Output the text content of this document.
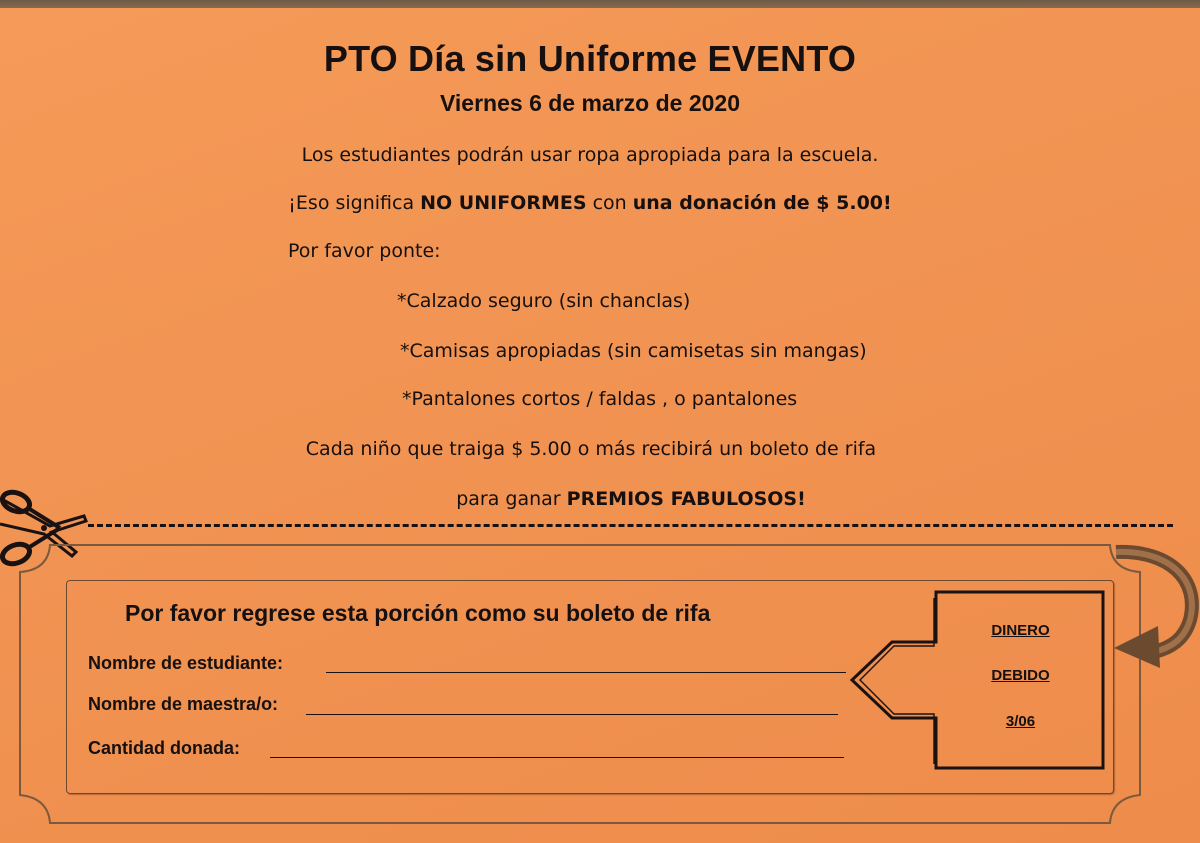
PTO Día sin Uniforme EVENTO
Viernes 6 de marzo de 2020

Los estudiantes podrán usar ropa apropiada para la escuela.

¡Eso significa NO UNIFORMES con una donación de $ 5.00!

Por favor ponte:

*Calzado seguro (sin chanclas)

*Camisas apropiadas (sin camisetas sin mangas)

*Pantalones cortos / faldas , o pantalones

Cada niño que traiga $ 5.00 o más recibirá un boleto de rifa

para ganar PREMIOS FABULOSOS!

Por favor regrese esta porción como su boleto de rifa
Nombre de estudiante:
Nombre de maestra/o:
Cantidad donada:
DINERO
DEBIDO
3/06
